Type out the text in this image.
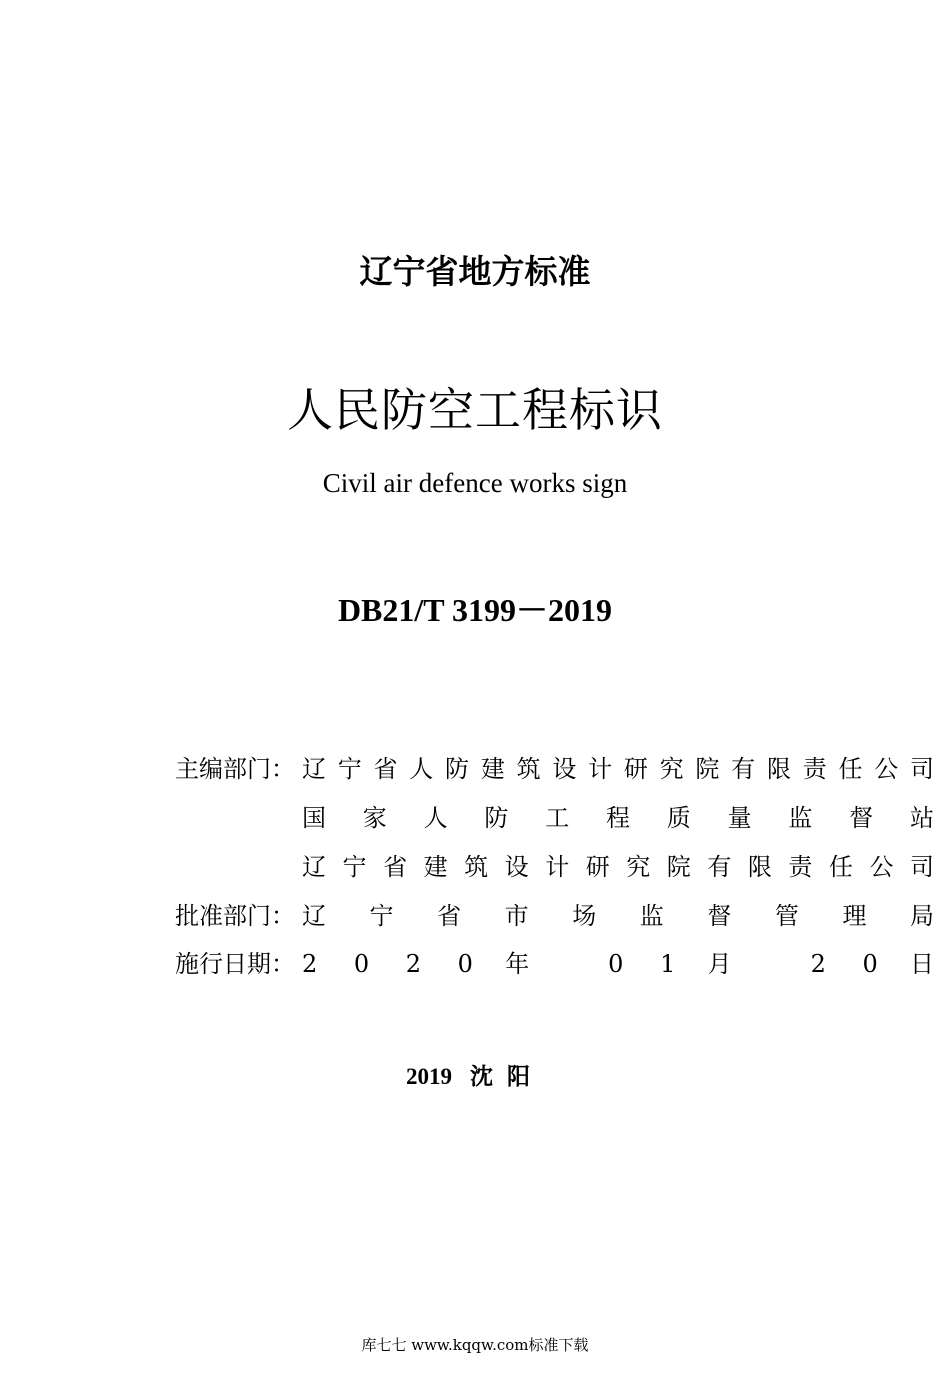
辽宁省地方标准
人民防空工程标识
Civil air defence works sign
DB21/T 3199－2019
主编部门： 辽宁省人防建筑设计研究院有限责任公司
国 家 人 防 工 程 质 量 监 督 站
辽 宁 省 建 筑 设 计 研 究 院 有 限 责 任 公 司
批准部门： 辽 宁 省 市 场 监 督 管 理 局
施行日期： 2 0 2 0 年	0 1 月	2 0 日
2019 沈阳
库七七 www.kqqw.com标准下载
